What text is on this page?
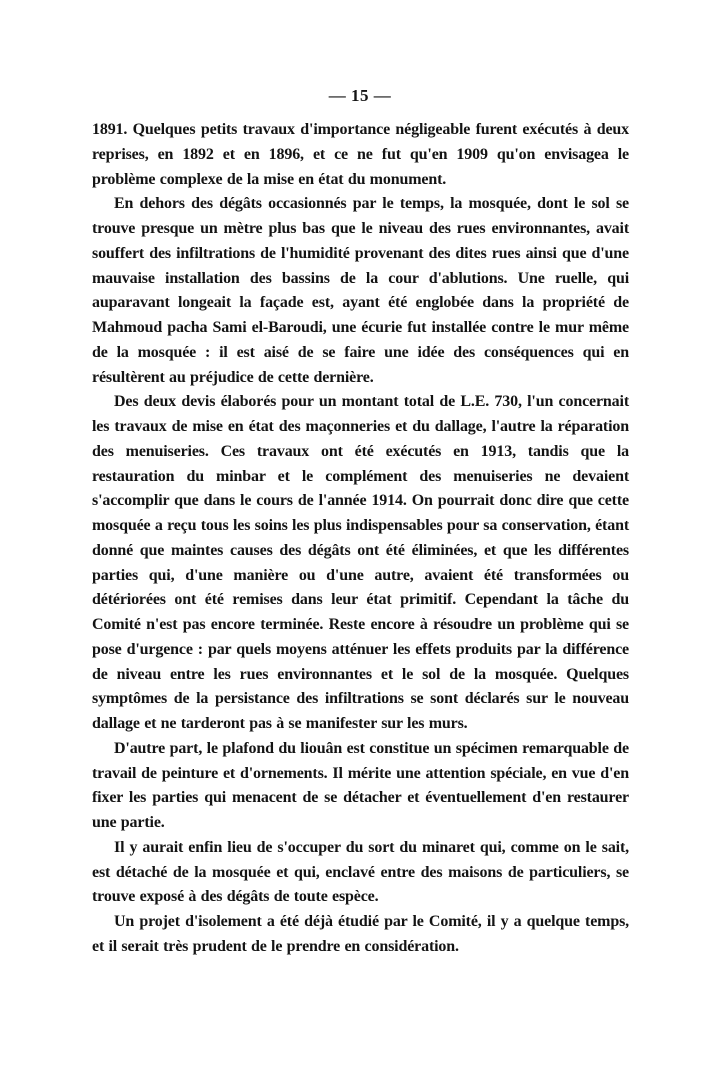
— 15 —

1891. Quelques petits travaux d'importance négligeable furent exécutés à deux reprises, en 1892 et en 1896, et ce ne fut qu'en 1909 qu'on envisagea le problème complexe de la mise en état du monument.

En dehors des dégâts occasionnés par le temps, la mosquée, dont le sol se trouve presque un mètre plus bas que le niveau des rues environnantes, avait souffert des infiltrations de l'humidité provenant des dites rues ainsi que d'une mauvaise installation des bassins de la cour d'ablutions. Une ruelle, qui auparavant longeait la façade est, ayant été englobée dans la propriété de Mahmoud pacha Sami el-Baroudi, une écurie fut installée contre le mur même de la mosquée : il est aisé de se faire une idée des conséquences qui en résultèrent au préjudice de cette dernière.

Des deux devis élaborés pour un montant total de L.E. 730, l'un concernait les travaux de mise en état des maçonneries et du dallage, l'autre la réparation des menuiseries. Ces travaux ont été exécutés en 1913, tandis que la restauration du minbar et le complément des menuiseries ne devaient s'accomplir que dans le cours de l'année 1914. On pourrait donc dire que cette mosquée a reçu tous les soins les plus indispensables pour sa conservation, étant donné que maintes causes des dégâts ont été éliminées, et que les différentes parties qui, d'une manière ou d'une autre, avaient été transformées ou détériorées ont été remises dans leur état primitif. Cependant la tâche du Comité n'est pas encore terminée. Reste encore à résoudre un problème qui se pose d'urgence : par quels moyens atténuer les effets produits par la différence de niveau entre les rues environnantes et le sol de la mosquée. Quelques symptômes de la persistance des infiltrations se sont déclarés sur le nouveau dallage et ne tarderont pas à se manifester sur les murs.

D'autre part, le plafond du liouân est constitue un spécimen remarquable de travail de peinture et d'ornements. Il mérite une attention spéciale, en vue d'en fixer les parties qui menacent de se détacher et éventuellement d'en restaurer une partie.

Il y aurait enfin lieu de s'occuper du sort du minaret qui, comme on le sait, est détaché de la mosquée et qui, enclavé entre des maisons de particuliers, se trouve exposé à des dégâts de toute espèce.

Un projet d'isolement a été déjà étudié par le Comité, il y a quelque temps, et il serait très prudent de le prendre en considération.
